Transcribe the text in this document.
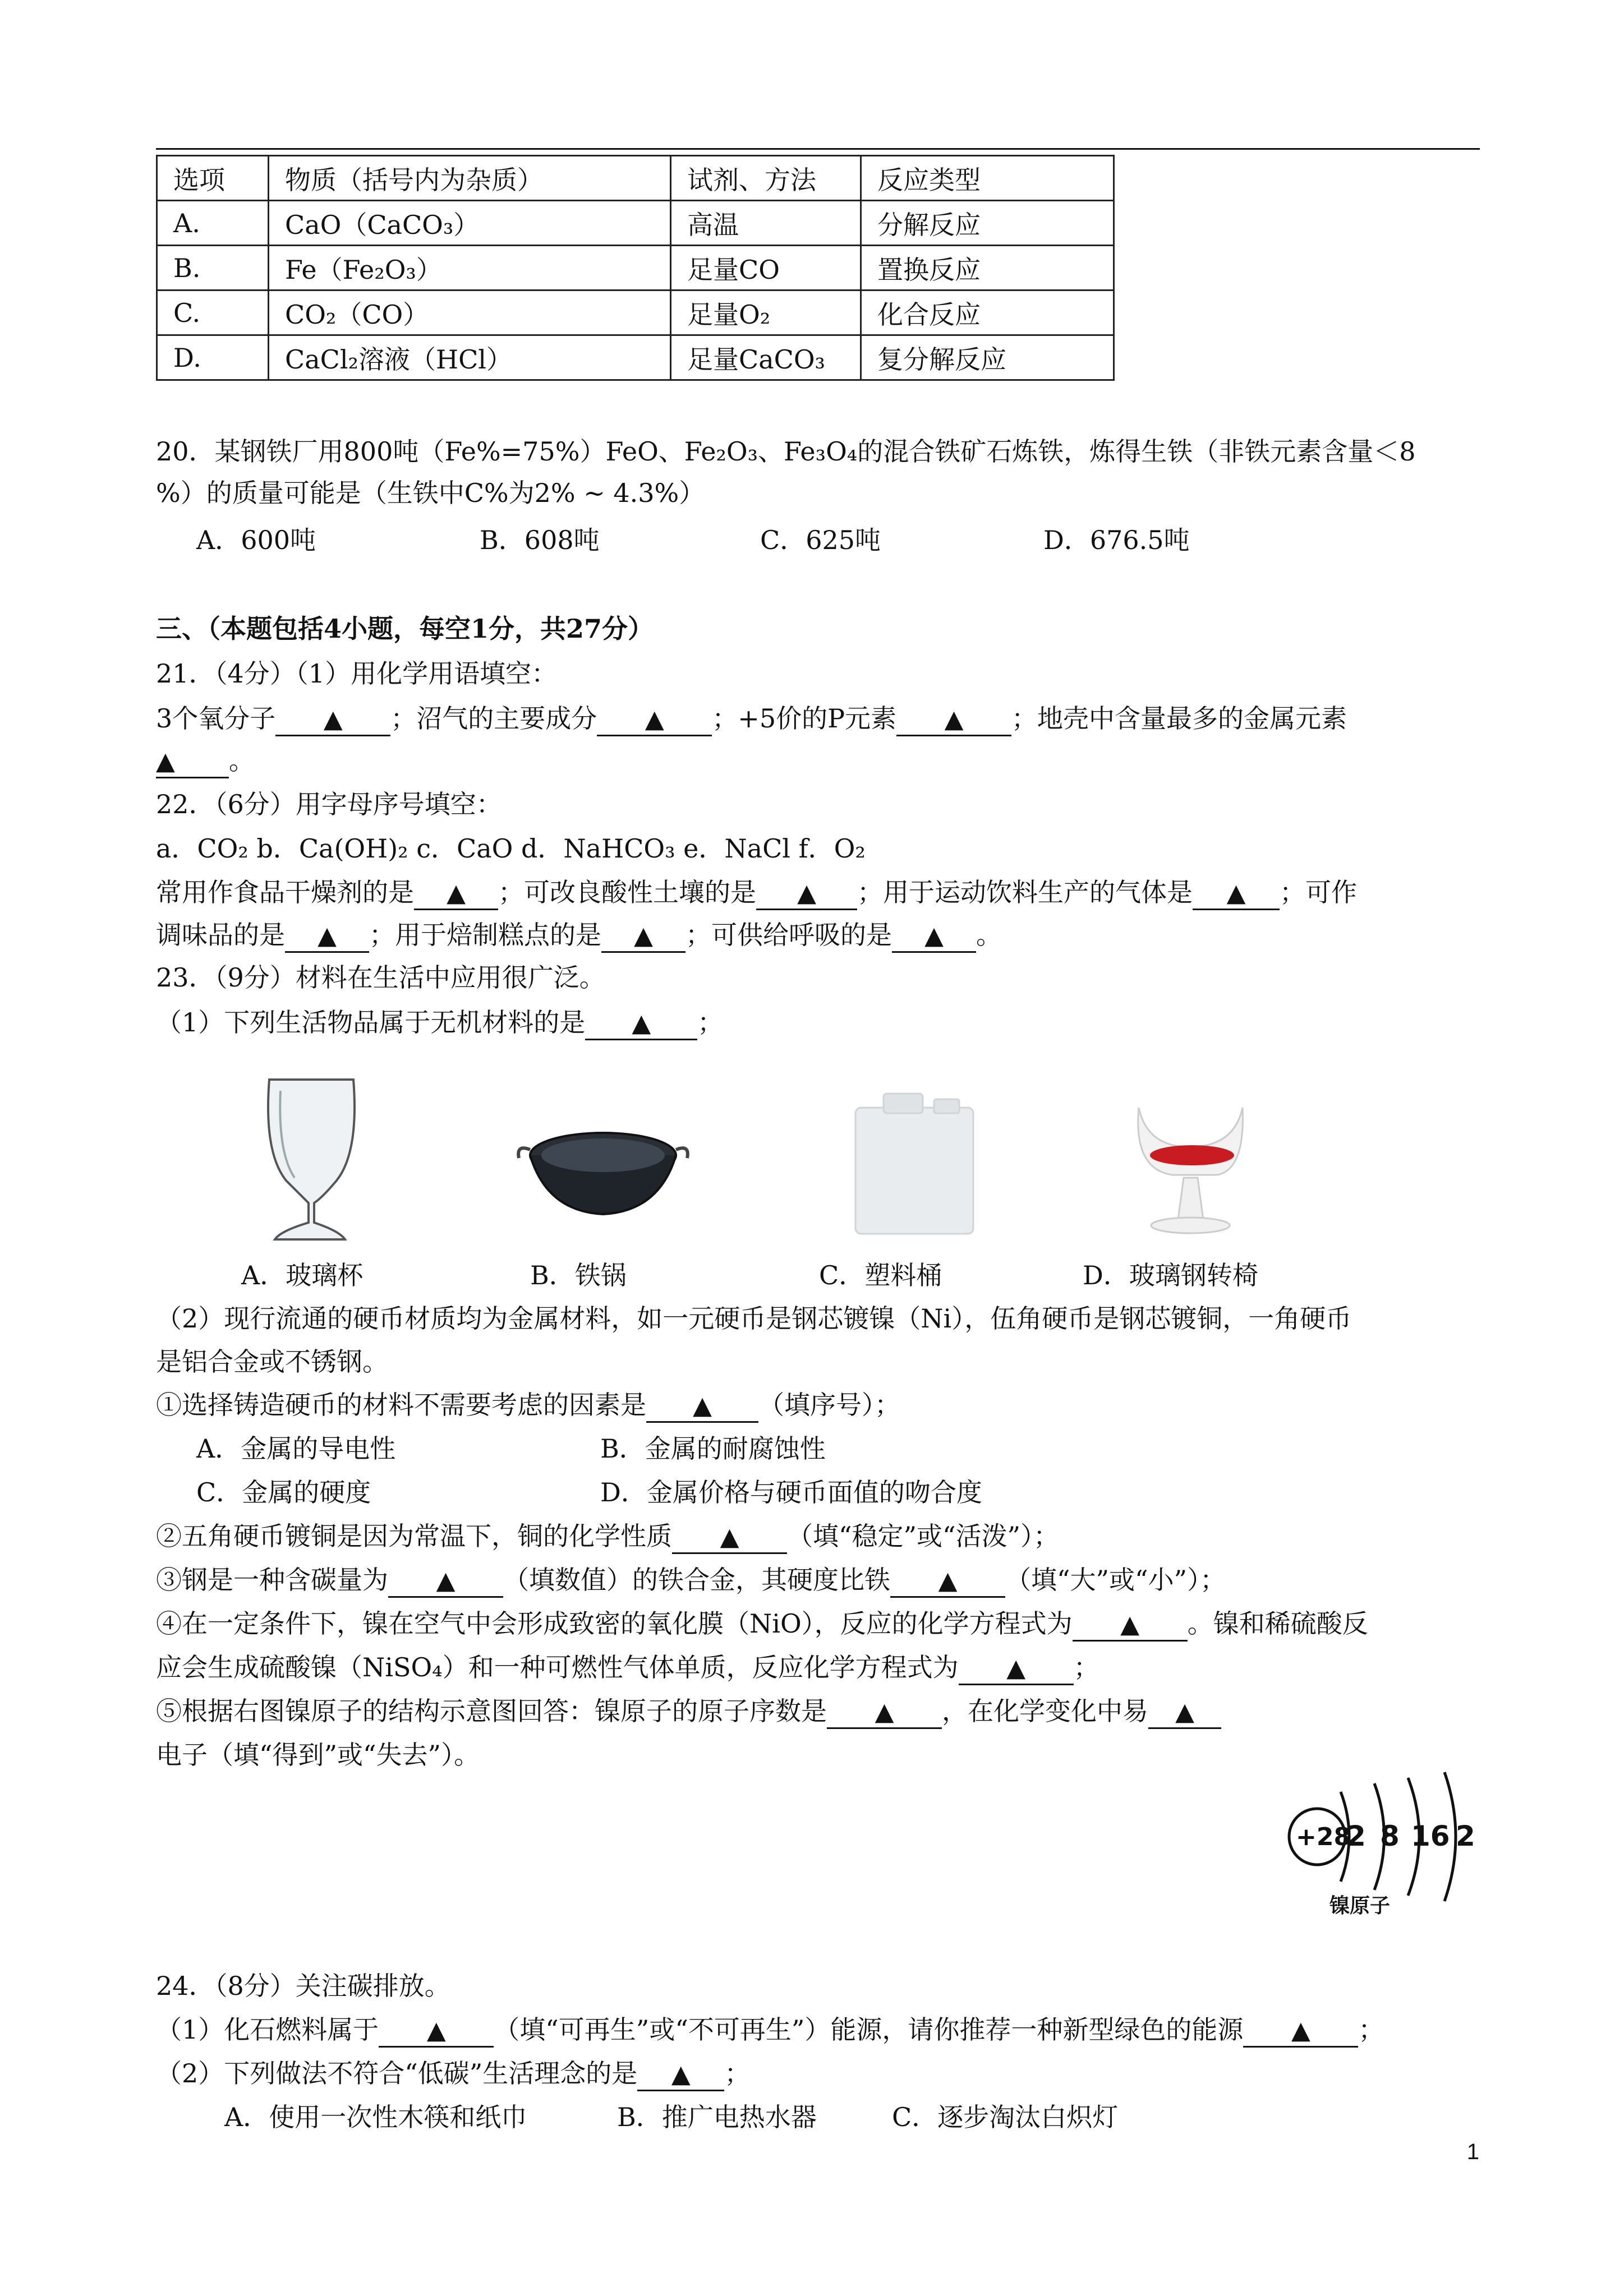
选项	物质（括号内为杂质）	试剂、方法	反应类型
A.	CaO（CaCO₃）	高温	分解反应
B.	Fe（Fe₂O₃）	足量CO	置换反应
C.	CO₂（CO）	足量O₂	化合反应
D.	CaCl₂溶液（HCl）	足量CaCO₃	复分解反应
20．某钢铁厂用800吨（Fe%=75%）FeO、Fe₂O₃、Fe₃O₄的混合铁矿石炼铁，炼得生铁（非铁元素含量＜8
%）的质量可能是（生铁中C%为2% ~ 4.3%）
A．600吨	B．608吨	C．625吨	D．676.5吨
三、（本题包括4小题，每空1分，共27分）
21．（4分）（1）用化学用语填空：
3个氧分子 ▲ ；沼气的主要成分 ▲ ；+5价的P元素 ▲ ；地壳中含量最多的金属元素
▲ 。
22．（6分）用字母序号填空：
a．CO₂ b．Ca(OH)₂ c．CaO d．NaHCO₃ e．NaCl f．O₂
常用作食品干燥剂的是 ▲ ；可改良酸性土壤的是 ▲ ；用于运动饮料生产的气体是 ▲ ；可作
调味品的是 ▲ ；用于焙制糕点的是 ▲ ；可供给呼吸的是 ▲ 。
23．（9分）材料在生活中应用很广泛。
（1）下列生活物品属于无机材料的是 ▲ ；
A．玻璃杯	B．铁锅	C．塑料桶	D．玻璃钢转椅
（2）现行流通的硬币材质均为金属材料，如一元硬币是钢芯镀镍（Ni），伍角硬币是钢芯镀铜，一角硬币
是铝合金或不锈钢。
①选择铸造硬币的材料不需要考虑的因素是 ▲ （填序号）；
A．金属的导电性	B．金属的耐腐蚀性
C．金属的硬度	D．金属价格与硬币面值的吻合度
②五角硬币镀铜是因为常温下，铜的化学性质 ▲ （填“稳定”或“活泼”）；
③钢是一种含碳量为 ▲ （填数值）的铁合金，其硬度比铁 ▲ （填“大”或“小”）；
④在一定条件下，镍在空气中会形成致密的氧化膜（NiO），反应的化学方程式为 ▲ 。镍和稀硫酸反
应会生成硫酸镍（NiSO₄）和一种可燃性气体单质，反应化学方程式为 ▲ ；
⑤根据右图镍原子的结构示意图回答：镍原子的原子序数是 ▲ ，在化学变化中易 ▲
电子（填“得到”或“失去”）。
+28
2 8 16 2
镍原子
24．（8分）关注碳排放。
（1）化石燃料属于 ▲ （填“可再生”或“不可再生”）能源，请你推荐一种新型绿色的能源 ▲ ；
（2）下列做法不符合“低碳”生活理念的是 ▲ ；
A．使用一次性木筷和纸巾	B．推广电热水器	C．逐步淘汰白炽灯
1
